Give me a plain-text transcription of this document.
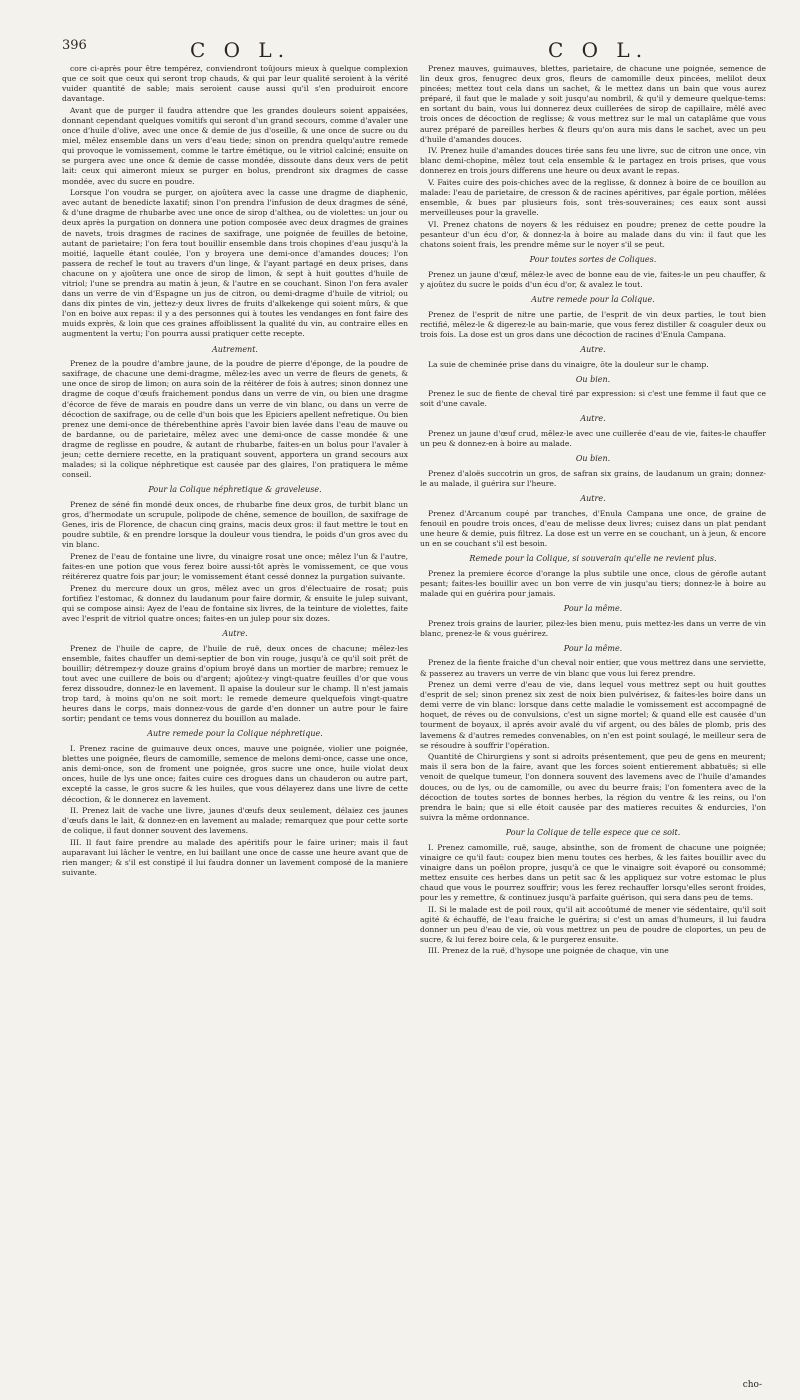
396	C O L.	C O L.

core ci-après pour être tempérez, conviendront toûjours mieux à quelque complexion que ce soit que ceux qui seront trop chauds, & qui par leur qualité seroient à la vérité vuider quantité de sable; mais seroient cause aussi qu'il s'en produiroit encore davantage.

Avant que de purger il faudra attendre que les grandes douleurs soient appaisées, donnant cependant quelques vomitifs qui seront d'un grand secours, comme d'avaler une once d'huile d'olive, avec une once & demie de jus d'oseille, & une once de sucre ou du miel, mêlez ensemble dans un vers d'eau tiede; sinon on prendra quelqu'autre remede qui provoque le vomissement, comme le tartre émétique, ou le vitriol calciné; ensuite on se purgera avec une once & demie de casse mondée, dissoute dans deux vers de petit lait: ceux qui aimeront mieux se purger en bolus, prendront six dragmes de casse mondée, avec du sucre en poudre.

Lorsque l'on voudra se purger, on ajoûtera avec la casse une dragme de diaphenic, avec autant de benedicte laxatif; sinon l'on prendra l'infusion de deux dragmes de séné, & d'une dragme de rhubarbe avec une once de sirop d'althea, ou de violettes: un jour ou deux après la purgation on donnera une potion composée avec deux dragmes de graines de navets, trois dragmes de racines de saxifrage, une poignée de feuilles de betoine, autant de parietaire; l'on fera tout bouillir ensemble dans trois chopines d'eau jusqu'à la moitié, laquelle étant coulée, l'on y broyera une demi-once d'amandes douces; l'on passera de rechef le tout au travers d'un linge, & l'ayant partagé en deux prises, dans chacune on y ajoûtera une once de sirop de limon, & sept à huit gouttes d'huile de vitriol; l'une se prendra au matin à jeun, & l'autre en se couchant. Sinon l'on fera avaler dans un verre de vin d'Espagne un jus de citron, ou demi-dragme d'huile de vitriol; ou dans dix pintes de vin, jettez-y deux livres de fruits d'alkekenge qui soient mûrs, & que l'on en boive aux repas: il y a des personnes qui à toutes les vendanges en font faire des muids exprès, & loin que ces graines affoiblissent la qualité du vin, au contraire elles en augmentent la vertu; l'on pourra aussi pratiquer cette recepte.

Autrement.

Prenez de la poudre d'ambre jaune, de la poudre de pierre d'éponge, de la poudre de saxifrage, de chacune une demi-dragme, mêlez-les avec un verre de fleurs de genets, & une once de sirop de limon; on aura soin de la réitérer de fois à autres; sinon donnez une dragme de coque d'œufs fraichement pondus dans un verre de vin, ou bien une dragme d'écorce de féve de marais en poudre dans un verre de vin blanc, ou dans un verre de décoction de saxifrage, ou de celle d'un bois que les Epiciers apellent nefretique. Ou bien prenez une demi-once de thérebenthine après l'avoir bien lavée dans l'eau de mauve ou de bardanne, ou de parietaire, mêlez avec une demi-once de casse mondée & une dragme de reglisse en poudre, & autant de rhubarbe, faites-en un bolus pour l'avaler à jeun; cette derniere recette, en la pratiquant souvent, apportera un grand secours aux malades; si la colique néphretique est causée par des glaires, l'on pratiquera le même conseil.

Pour la Colique néphretique & graveleuse.

Prenez de séné fin mondé deux onces, de rhubarbe fine deux gros, de turbit blanc un gros, d'hermodate un scrupule, polipode de chêne, semence de bouillon, de saxifrage de Genes, iris de Florence, de chacun cinq grains, macis deux gros: il faut mettre le tout en poudre subtile, & en prendre lorsque la douleur vous tiendra, le poids d'un gros avec du vin blanc.

Prenez de l'eau de fontaine une livre, du vinaigre rosat une once; mêlez l'un & l'autre, faites-en une potion que vous ferez boire aussi-tôt après le vomissement, ce que vous réitérerez quatre fois par jour; le vomissement étant cessé donnez la purgation suivante.

Prenez du mercure doux un gros, mêlez avec un gros d'électuaire de rosat; puis fortifiez l'estomac, & donnez du laudanum pour faire dormir, & ensuite le julep suivant, qui se compose ainsi: Ayez de l'eau de fontaine six livres, de la teinture de violettes, faite avec l'esprit de vitriol quatre onces; faites-en un julep pour six dozes.

Autre.

Prenez de l'huile de capre, de l'huile de ruë, deux onces de chacune; mêlez-les ensemble, faites chauffer un demi-septier de bon vin rouge, jusqu'à ce qu'il soit prêt de bouillir; détrempez-y douze grains d'opium broyé dans un mortier de marbre; remuez le tout avec une cuillere de bois ou d'argent; ajoûtez-y vingt-quatre feuilles d'or que vous ferez dissoudre, donnez-le en lavement. Il apaise la douleur sur le champ. Il n'est jamais trop tard, à moins qu'on ne soit mort: le remede demeure quelquefois vingt-quatre heures dans le corps, mais donnez-vous de garde d'en donner un autre pour le faire sortir; pendant ce tems vous donnerez du bouillon au malade.

Autre remede pour la Colique néphretique.

I. Prenez racine de guimauve deux onces, mauve une poignée, violier une poignée, blettes une poignée, fleurs de camomille, semence de melons demi-once, casse une once, anis demi-once, son de froment une poignée, gros sucre une once, huile violat deux onces, huile de lys une once; faites cuire ces drogues dans un chauderon ou autre part, excepté la casse, le gros sucre & les huiles, que vous délayerez dans une livre de cette décoction, & le donnerez en lavement.

II. Prenez lait de vache une livre, jaunes d'œufs deux seulement, délaiez ces jaunes d'œufs dans le lait, & donnez-en en lavement au malade; remarquez que pour cette sorte de colique, il faut donner souvent des lavemens.

III. Il faut faire prendre au malade des apéritifs pour le faire uriner; mais il faut auparavant lui lâcher le ventre, en lui baillant une once de casse une heure avant que de rien manger; & s'il est constipé il lui faudra donner un lavement composé de la maniere suivante.

Prenez mauves, guimauves, blettes, parietaire, de chacune une poignée, semence de lin deux gros, fenugrec deux gros, fleurs de camomille deux pincées, melilot deux pincées; mettez tout cela dans un sachet, & le mettez dans un bain que vous aurez préparé, il faut que le malade y soit jusqu'au nombril, & qu'il y demeure quelque-tems: en sortant du bain, vous lui donnerez deux cuillerées de sirop de capillaire, mêlé avec trois onces de décoction de reglisse; & vous mettrez sur le mal un cataplâme que vous aurez préparé de pareilles herbes & fleurs qu'on aura mis dans le sachet, avec un peu d'huile d'amandes douces.

IV. Prenez huile d'amandes douces tirée sans feu une livre, suc de citron une once, vin blanc demi-chopine, mêlez tout cela ensemble & le partagez en trois prises, que vous donnerez en trois jours differens une heure ou deux avant le repas.

V. Faites cuire des pois-chiches avec de la reglisse, & donnez à boire de ce bouillon au malade: l'eau de parietaire, de cresson & de racines apéritives, par égale portion, mêlées ensemble, & bues par plusieurs fois, sont très-souveraines; ces eaux sont aussi merveilleuses pour la gravelle.

VI. Prenez chatons de noyers & les réduisez en poudre; prenez de cette poudre la pesanteur d'un écu d'or, & donnez-la à boire au malade dans du vin: il faut que les chatons soient frais, les prendre même sur le noyer s'il se peut.

Pour toutes sortes de Coliques.

Prenez un jaune d'œuf, mêlez-le avec de bonne eau de vie, faites-le un peu chauffer, & y ajoûtez du sucre le poids d'un écu d'or, & avalez le tout.

Autre remede pour la Colique.

Prenez de l'esprit de nitre une partie, de l'esprit de vin deux parties, le tout bien rectifié, mêlez-le & digerez-le au bain-marie, que vous ferez distiller & coaguler deux ou trois fois. La dose est un gros dans une décoction de racines d'Enula Campana.

Autre.

La suie de cheminée prise dans du vinaigre, ôte la douleur sur le champ.

Ou bien.

Prenez le suc de fiente de cheval tiré par expression: si c'est une femme il faut que ce soit d'une cavale.

Autre.

Prenez un jaune d'œuf crud, mêlez-le avec une cuillerée d'eau de vie, faites-le chauffer un peu & donnez-en à boire au malade.

Ou bien.

Prenez d'aloës succotrin un gros, de safran six grains, de laudanum un grain; donnez-le au malade, il guérira sur l'heure.

Autre.

Prenez d'Arcanum coupé par tranches, d'Enula Campana une once, de graine de fenouil en poudre trois onces, d'eau de melisse deux livres; cuisez dans un plat pendant une heure & demie, puis filtrez. La dose est un verre en se couchant, un à jeun, & encore un en se couchant s'il est besoin.

Remede pour la Colique, si souverain qu'elle ne revient plus.

Prenez la premiere écorce d'orange la plus subtile une once, clous de gérofle autant pesant; faites-les bouillir avec un bon verre de vin jusqu'au tiers; donnez-le à boire au malade qui en guérira pour jamais.

Pour la même.

Prenez trois grains de laurier, pilez-les bien menu, puis mettez-les dans un verre de vin blanc, prenez-le & vous guérirez.

Pour la même.

Prenez de la fiente fraiche d'un cheval noir entier, que vous mettrez dans une serviette, & passerez au travers un verre de vin blanc que vous lui ferez prendre.

Prenez un demi verre d'eau de vie, dans lequel vous mettrez sept ou huit gouttes d'esprit de sel; sinon prenez six zest de noix bien pulvérisez, & faites-les boire dans un demi verre de vin blanc: lorsque dans cette maladie le vomissement est accompagné de hoquet, de réves ou de convulsions, c'est un signe mortel; & quand elle est causée d'un tourment de boyaux, il aprés avoir avalé du vif argent, ou des bâles de plomb, pris des lavemens & d'autres remedes convenables, on n'en est point soulagé, le meilleur sera de se résoudre à souffrir l'opération.

Quantité de Chirurgiens y sont si adroits présentement, que peu de gens en meurent; mais il sera bon de la faire, avant que les forces soient entierement abbatuës; si elle venoit de quelque tumeur, l'on donnera souvent des lavemens avec de l'huile d'amandes douces, ou de lys, ou de camomille, ou avec du beurre frais; l'on fomentera avec de la décoction de toutes sortes de bonnes herbes, la région du ventre & les reins, ou l'on prendra le bain; que si elle étoit causée par des matieres recuites & endurcies, l'on suivra la même ordonnance.

Pour la Colique de telle espece que ce soit.

I. Prenez camomille, ruë, sauge, absinthe, son de froment de chacune une poignée; vinaigre ce qu'il faut: coupez bien menu toutes ces herbes, & les faites bouillir avec du vinaigre dans un poêlon propre, jusqu'à ce que le vinaigre soit évaporé ou consommé; mettez ensuite ces herbes dans un petit sac & les appliquez sur votre estomac le plus chaud que vous le pourrez souffrir; vous les ferez rechauffer lorsqu'elles seront froides, pour les y remettre, & continuez jusqu'à parfaite guérison, qui sera dans peu de tems.

II. Si le malade est de poil roux, qu'il ait accoûtumé de mener vie sédentaire, qu'il soit agité & échauffé, de l'eau fraiche le guérira; si c'est un amas d'humeurs, il lui faudra donner un peu d'eau de vie, où vous mettrez un peu de poudre de cloportes, un peu de sucre, & lui ferez boire cela, & le purgerez ensuite.

III. Prenez de la ruë, d'hysope une poignée de chaque, vin une

cho-
